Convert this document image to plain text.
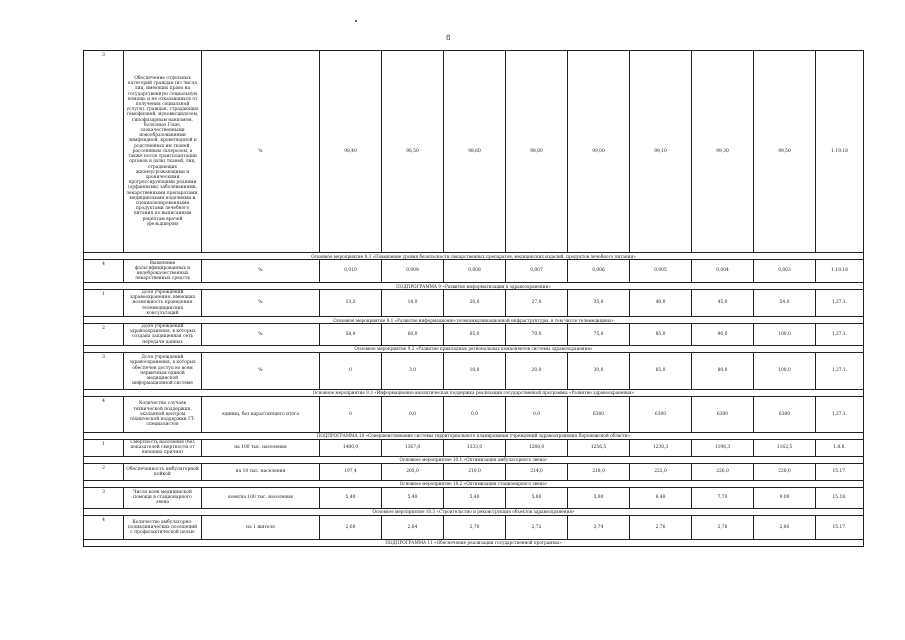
8
3	Обеспечение отдельных категорий граждан (из числа лиц, имеющих право на государственную социальную помощь и не отказавшихся от получения социальной услуги), граждан, страдающих гемофилией, муковисцидозом, гипофизарным нанизмом, болезнью Гоше, злокачественными новообразованиями лимфоидной, кроветворной и родственных им тканей, рассеянным склерозом, а также после трансплантации органов и (или) тканей, лиц, страдающих жизнеугрожающими и хроническими прогрессирующими редкими (орфанными) заболеваниями, лекарственными препаратами, медицинскими изделиями и специализированными продуктами лечебного питания по выписанным рецептам врачей (фельдшеров)	%	98,40	98,50	98,60	98,80	99,00	99,10	99,30	99,50	1.19.18
Основное мероприятие 8.3 «Повышение уровня безопасности лекарственных препаратов, медицинских изделий, продуктов лечебного питания»											
4	Выявление фальсифицированных и недоброкачественных лекарственных средств	%	0,010	0,009	0,008	0,007	0,006	0,005	0,004	0,003	1.19.18
ПОДПРОГРАММА 9 «Развитие информатизации в здравоохранении»											
1	Доля учреждений здравоохранения, имеющих возможность проведения телемедицинских консультаций	%	13,3	14,0	20,0	27,0	35,0	40,0	45,0	54,0	1.27.1.
Основное мероприятие 9.1 «Развитие информационно-телекоммуникационной инфраструктуры, в том числе телемедицины»											
2	Доля учреждений здравоохранения, в которых создана защищенная сеть передачи данных	%	58,9	60,0	65,0	70,0	75,0	85,0	90,0	100,0	1.27.1.
Основное мероприятие 9.2 «Развитие прикладных региональных компонентов системы здравоохранения»											
3	Доля учреждений здравоохранения, в которых обеспечен доступ во всем первичным единой медицинской информационной системе	%	0	3,0	10,0	20,0	30,0	65,0	80,0	100,0	1.27.1.
Основное мероприятие 9.3 «Информационно-аналитическая поддержка реализации государственной программы «Развитие здравоохранения»											
4	Количество случаев технической поддержки, оказанной центром технической поддержки ГТ-специалистов	единиц, без нарастающего итога	0	0,0	0,0	0,0	6300	6300	6300	6300	1.27.1.
ПОДПРОГРАММА 10 «Совершенствование системы территориального планирования учреждений здравоохранения Воронежской области»											
1	Смертность населения (без показателей смертности от внешних причин)	на 100 тыс. населения	1480,0	1367,0	1333,0	1288,0	1256,5	1230,3	1196,3	1162,5	1.8.8.
Основное мероприятие 10.1 «Оптимизация амбулаторного звена»											
2	Обеспеченность амбулаторной койкой	на 10 тыс. населения	197,4	205,0	210,0	214,0	218,0	222,0	226,0	228,0	15.17.
Основное мероприятие 10.2 «Оптимизация стационарного звена»											
3	Число коек медицинской помощи в стационарного звена	коек/на 100 тыс. населения	5,40	5,40	5,40	5,80	5,80	6,40	7,70	9,00	15.18.
Основное мероприятие 10.3 «Строительство и реконструкция объектов здравоохранения»											
4	Количество амбулаторно-поликлинических посещений с профилактической целью	на 1 жителя	2,60	2,64	2,70	2,72	2,74	2,76	2,78	2,80	15.17.
ПОДПРОГРАММА 11 «Обеспечение реализации государственной программы»											
